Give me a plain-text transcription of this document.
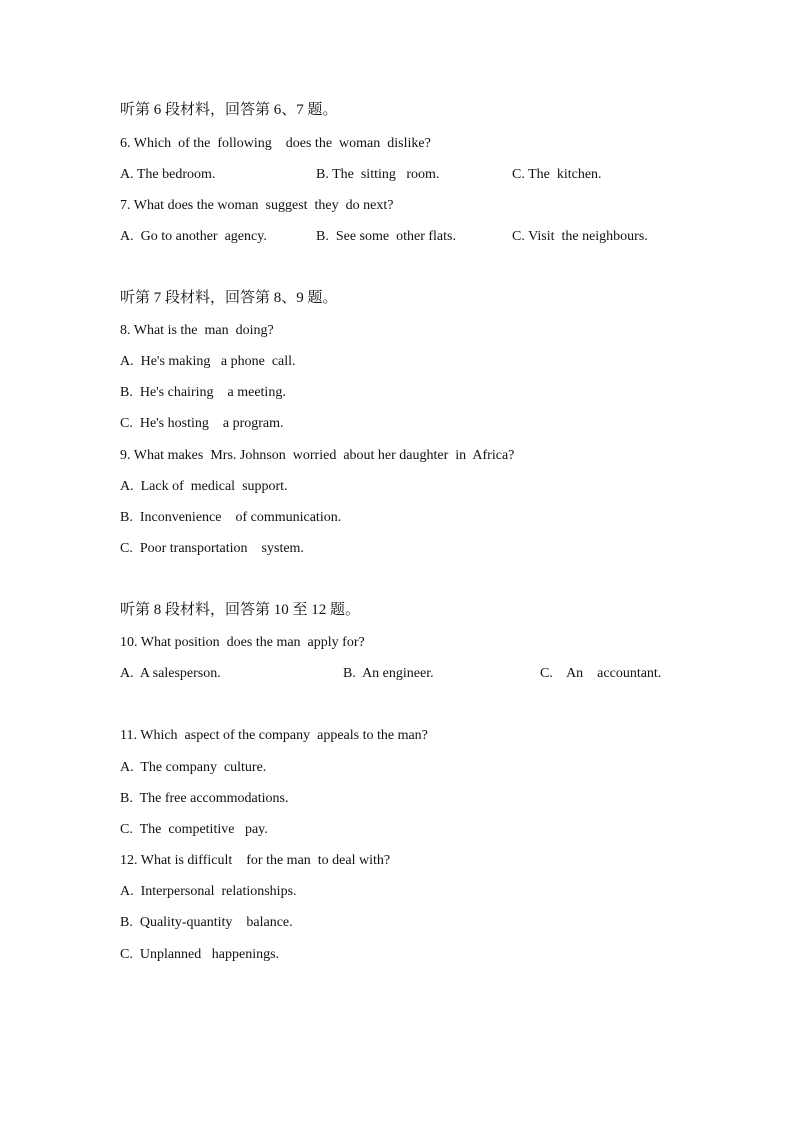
听第 6 段材料，回答第 6、7 题。
6. Which  of the  following    does the  woman  dislike?
A. The bedroom.	B. The  sitting   room.	C. The  kitchen.
7. What does the woman  suggest  they  do next?
A.  Go to another  agency.	B.  See some  other flats.	C. Visit  the neighbours.
听第 7 段材料，回答第 8、9 题。
8. What is the  man  doing?
A.  He's making   a phone  call.
B.  He's chairing    a meeting.
C.  He's hosting    a program.
9. What makes  Mrs. Johnson  worried  about her daughter  in  Africa?
A.  Lack of  medical  support.
B.  Inconvenience    of communication.
C.  Poor transportation    system.
听第 8 段材料，回答第 10 至 12 题。
10. What position  does the man  apply for?
A.  A salesperson.	B.  An engineer.	C.    An    accountant.
11. Which  aspect of the company  appeals to the man?
A.  The company  culture.
B.  The free accommodations.
C.  The  competitive   pay.
12. What is difficult    for the man  to deal with?
A.  Interpersonal  relationships.
B.  Quality-quantity    balance.
C.  Unplanned   happenings.
